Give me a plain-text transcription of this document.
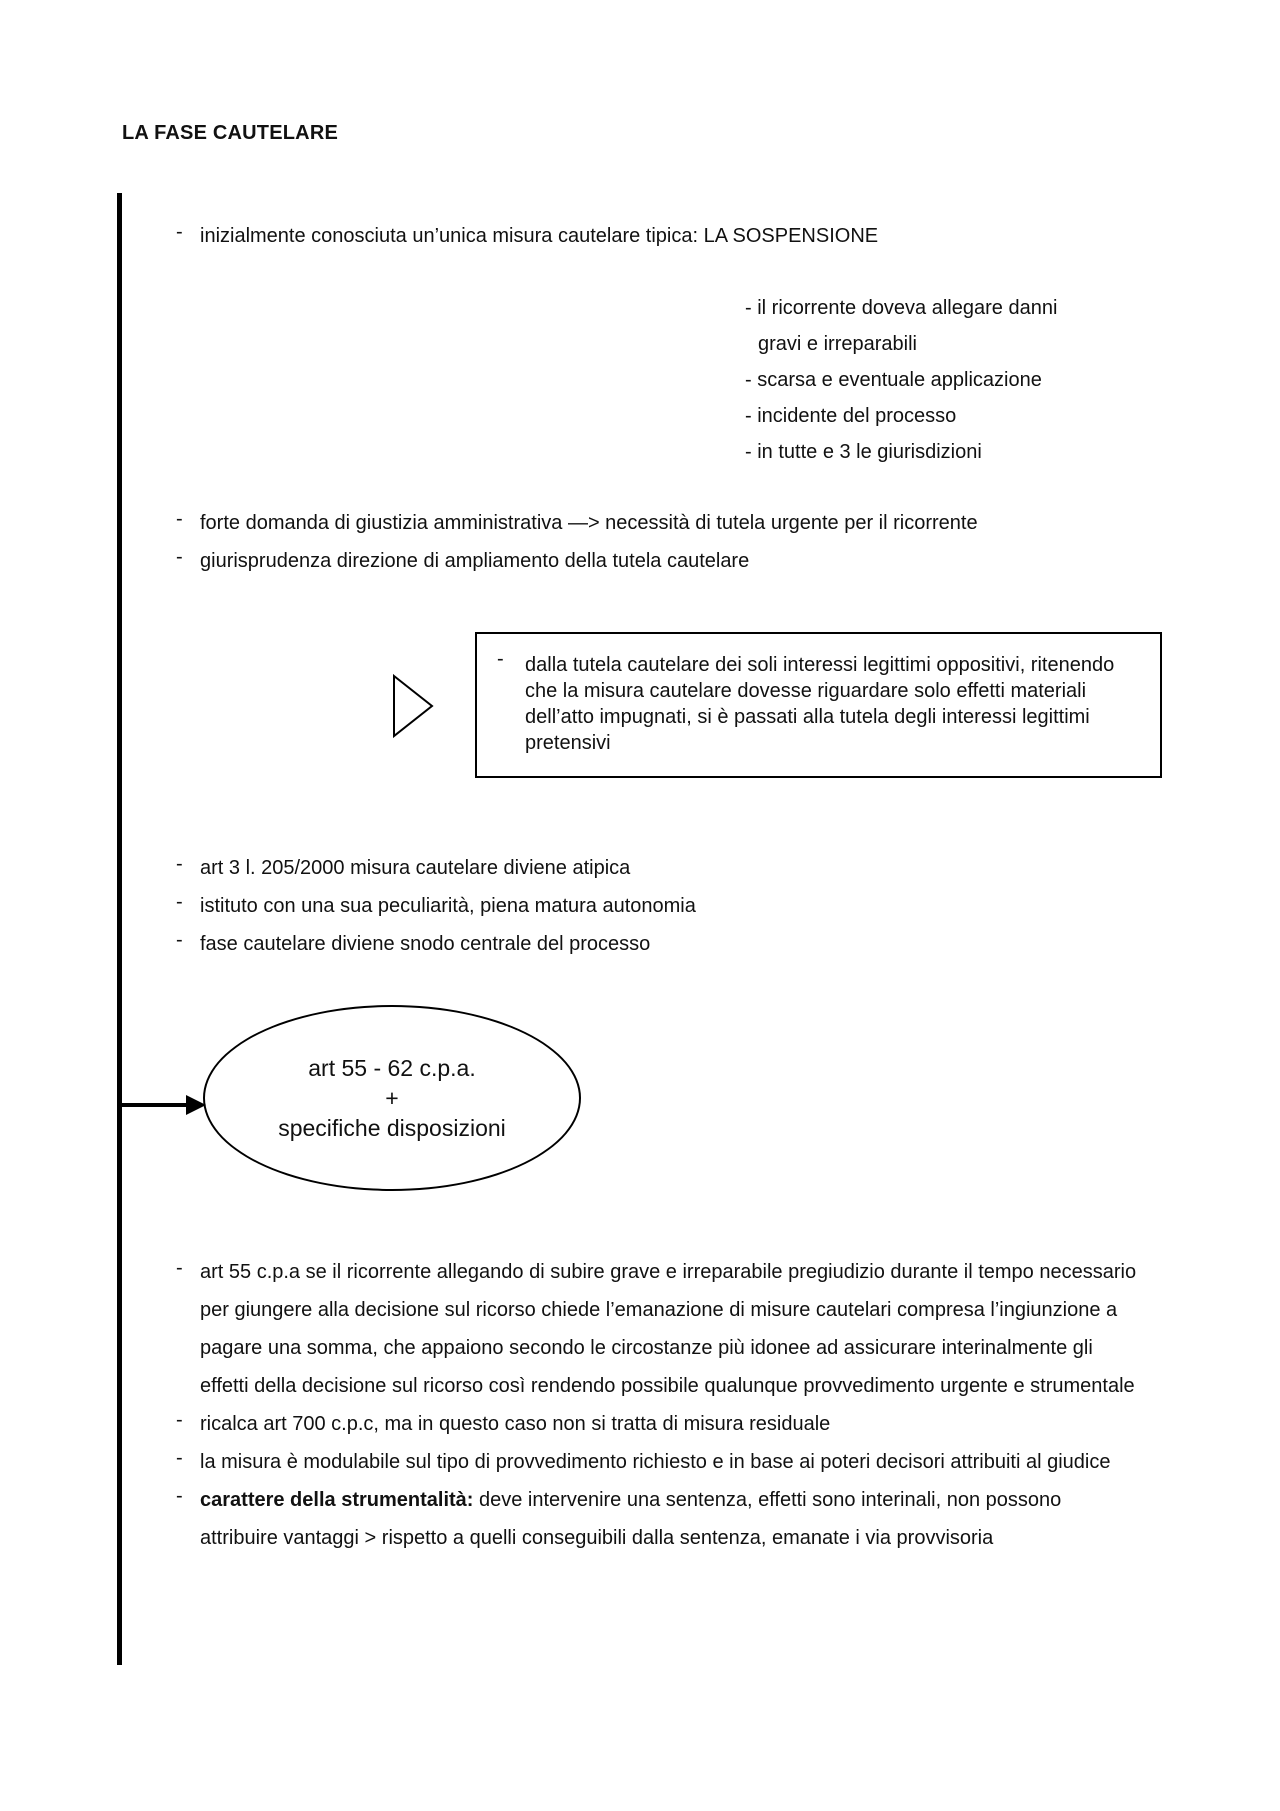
LA FASE CAUTELARE
- inizialmente conosciuta un’unica misura cautelare tipica: LA SOSPENSIONE
- il ricorrente doveva allegare danni
gravi e irreparabili
- scarsa e eventuale applicazione
- incidente del processo
- in tutte e 3 le giurisdizioni
- forte domanda di giustizia amministrativa —> necessità di tutela urgente per il ricorrente
- giurisprudenza direzione di ampliamento della tutela cautelare
- dalla tutela cautelare dei soli interessi legittimi oppositivi, ritenendo che la misura cautelare dovesse riguardare solo effetti materiali dell’atto impugnati, si è passati alla tutela degli interessi legittimi pretensivi
- art 3 l. 205/2000 misura cautelare diviene atipica
- istituto con una sua peculiarità, piena matura autonomia
- fase cautelare diviene snodo centrale del processo
art 55 - 62 c.p.a.
+
specifiche disposizioni
- art 55 c.p.a se il ricorrente allegando di subire grave e irreparabile pregiudizio durante il tempo necessario per giungere alla decisione sul ricorso chiede l’emanazione di misure cautelari compresa l’ingiunzione a pagare una somma, che appaiono secondo le circostanze più idonee ad assicurare interinalmente gli effetti della decisione sul ricorso così rendendo possibile qualunque provvedimento urgente e strumentale
- ricalca art 700 c.p.c, ma in questo caso non si tratta di misura residuale
- la misura è modulabile sul tipo di provvedimento richiesto e in base ai poteri decisori attribuiti al giudice
- carattere della strumentalità: deve intervenire una sentenza, effetti sono interinali, non possono attribuire vantaggi > rispetto a quelli conseguibili dalla sentenza, emanate i via provvisoria
